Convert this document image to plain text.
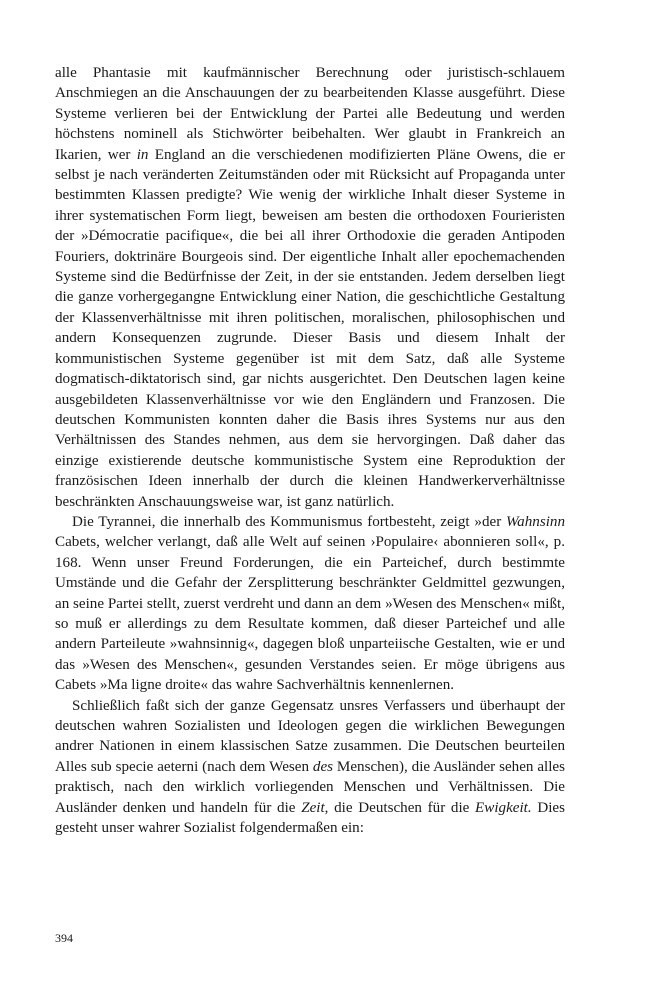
alle Phantasie mit kaufmännischer Berechnung oder juristisch-schlauem Anschmiegen an die Anschauungen der zu bearbeitenden Klasse ausgeführt. Diese Systeme verlieren bei der Entwicklung der Partei alle Bedeutung und werden höchstens nominell als Stichwörter beibehalten. Wer glaubt in Frankreich an Ikarien, wer in England an die verschiedenen modifizierten Pläne Owens, die er selbst je nach veränderten Zeitumständen oder mit Rücksicht auf Propaganda unter bestimmten Klassen predigte? Wie wenig der wirkliche Inhalt dieser Systeme in ihrer systematischen Form liegt, beweisen am besten die orthodoxen Fourieristen der »Démocratie pacifique«, die bei all ihrer Orthodoxie die geraden Antipoden Fouriers, doktrinäre Bourgeois sind. Der eigentliche Inhalt aller epochemachenden Systeme sind die Bedürfnisse der Zeit, in der sie entstanden. Jedem derselben liegt die ganze vorhergegangne Entwicklung einer Nation, die geschichtliche Gestaltung der Klassenverhältnisse mit ihren politischen, moralischen, philosophischen und andern Konsequenzen zugrunde. Dieser Basis und diesem Inhalt der kommunistischen Systeme gegenüber ist mit dem Satz, daß alle Systeme dogmatisch-diktatorisch sind, gar nichts ausgerichtet. Den Deutschen lagen keine ausgebildeten Klassenverhältnisse vor wie den Engländern und Franzosen. Die deutschen Kommunisten konnten daher die Basis ihres Systems nur aus den Verhältnissen des Standes nehmen, aus dem sie hervorgingen. Daß daher das einzige existierende deutsche kommunistische System eine Reproduktion der französischen Ideen innerhalb der durch die kleinen Handwerkerverhältnisse beschränkten Anschauungsweise war, ist ganz natürlich.

Die Tyrannei, die innerhalb des Kommunismus fortbesteht, zeigt »der Wahnsinn Cabets, welcher verlangt, daß alle Welt auf seinen ›Populaire‹ abonnieren soll«, p. 168. Wenn unser Freund Forderungen, die ein Parteichef, durch bestimmte Umstände und die Gefahr der Zersplitterung beschränkter Geldmittel gezwungen, an seine Partei stellt, zuerst verdreht und dann an dem »Wesen des Menschen« mißt, so muß er allerdings zu dem Resultate kommen, daß dieser Parteichef und alle andern Parteileute »wahnsinnig«, dagegen bloß unparteiische Gestalten, wie er und das »Wesen des Menschen«, gesunden Verstandes seien. Er möge übrigens aus Cabets »Ma ligne droite« das wahre Sachverhältnis kennenlernen.

Schließlich faßt sich der ganze Gegensatz unsres Verfassers und überhaupt der deutschen wahren Sozialisten und Ideologen gegen die wirklichen Bewegungen andrer Nationen in einem klassischen Satze zusammen. Die Deutschen beurteilen Alles sub specie aeterni (nach dem Wesen des Menschen), die Ausländer sehen alles praktisch, nach den wirklich vorliegenden Menschen und Verhältnissen. Die Ausländer denken und handeln für die Zeit, die Deutschen für die Ewigkeit. Dies gesteht unser wahrer Sozialist folgendermaßen ein:

394
